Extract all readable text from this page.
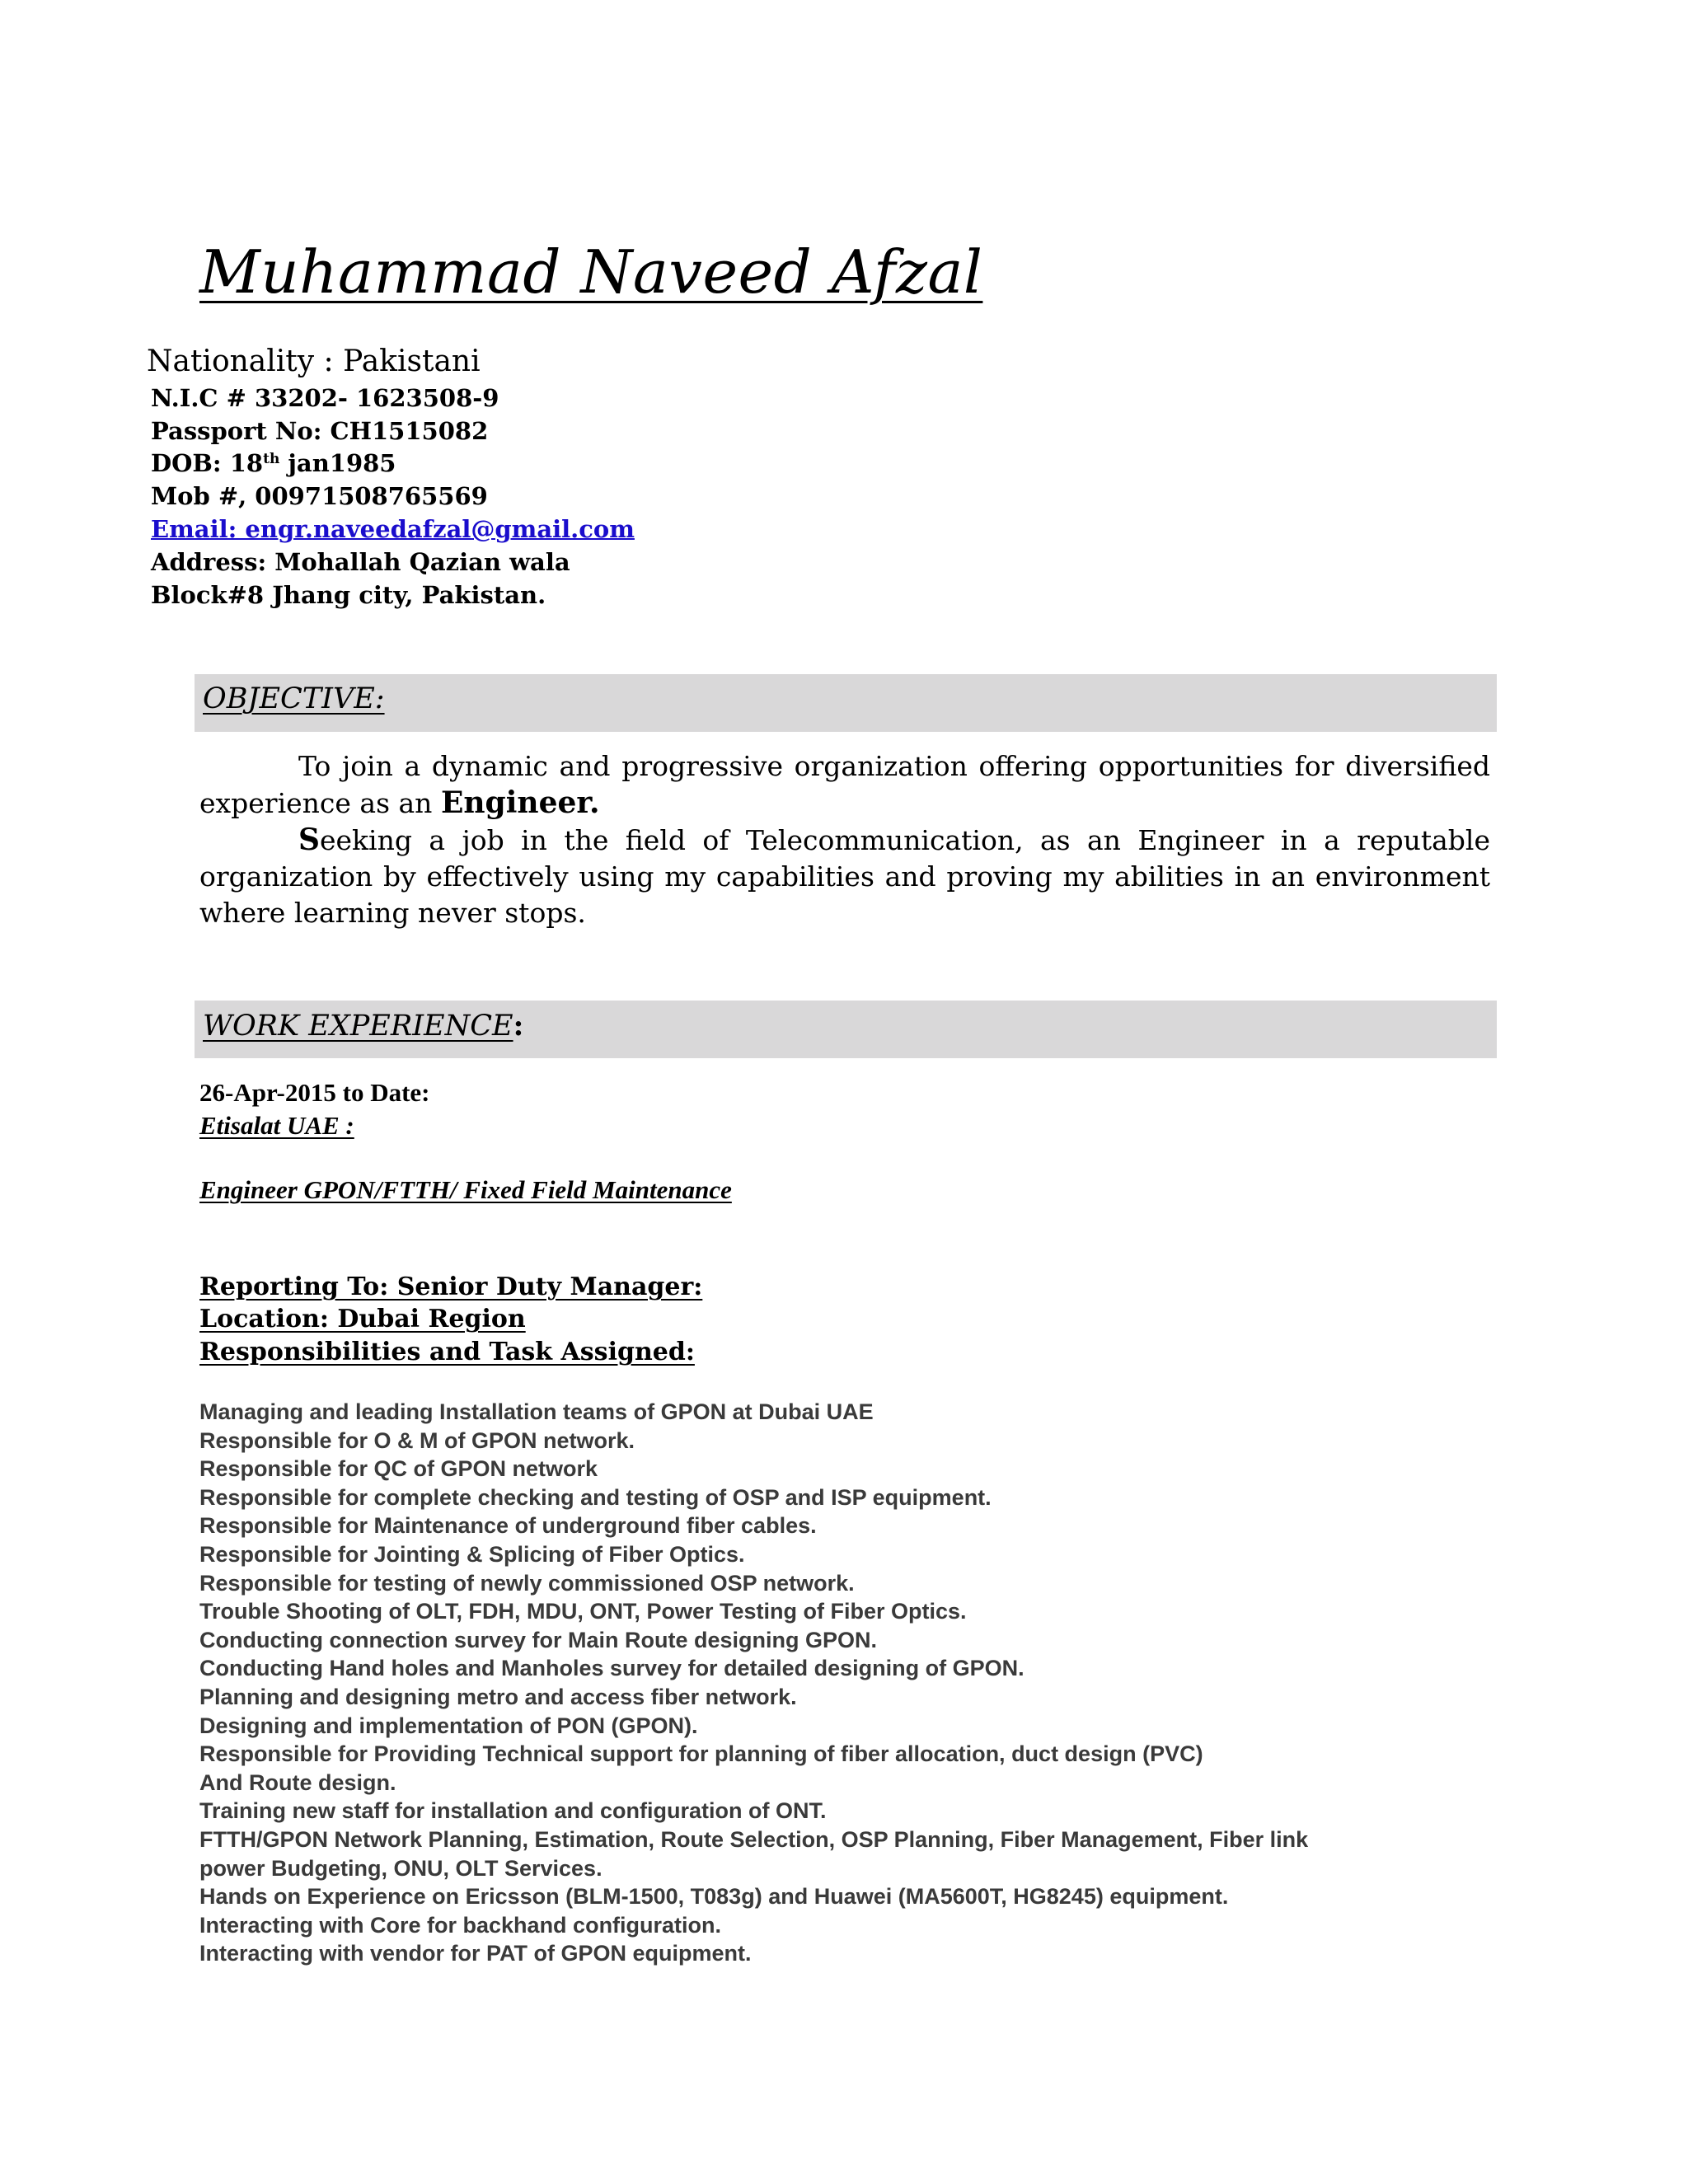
Muhammad Naveed Afzal
Nationality : Pakistani
N.I.C # 33202- 1623508-9
Passport No: CH1515082
DOB: 18th jan1985
Mob #, 00971508765569
Email: engr.naveedafzal@gmail.com
Address: Mohallah Qazian wala
Block#8 Jhang city, Pakistan.
OBJECTIVE:

To join a dynamic and progressive organization offering opportunities for diversified experience as an Engineer.

Seeking a job in the field of Telecommunication, as an Engineer in a reputable organization by effectively using my capabilities and proving my abilities in an environment where learning never stops.

WORK EXPERIENCE:
26-Apr-2015 to Date:
Etisalat UAE :
Engineer GPON/FTTH/ Fixed Field Maintenance
Reporting To: Senior Duty Manager:
Location: Dubai Region
Responsibilities and Task Assigned:
Managing and leading Installation teams of GPON at Dubai UAE
Responsible for O & M of GPON network.
Responsible for QC of GPON network
Responsible for complete checking and testing of OSP and ISP equipment.
Responsible for Maintenance of underground fiber cables.
Responsible for Jointing & Splicing of Fiber Optics.
Responsible for testing of newly commissioned OSP network.
Trouble Shooting of OLT, FDH, MDU, ONT, Power Testing of Fiber Optics.
Conducting connection survey for Main Route designing GPON.
Conducting Hand holes and Manholes survey for detailed designing of GPON.
Planning and designing metro and access fiber network.
Designing and implementation of PON (GPON).
Responsible for Providing Technical support for planning of fiber allocation, duct design (PVC)
And Route design.
Training new staff for installation and configuration of ONT.
FTTH/GPON Network Planning, Estimation, Route Selection, OSP Planning, Fiber Management, Fiber link
power Budgeting, ONU, OLT Services.
Hands on Experience on Ericsson (BLM-1500, T083g) and Huawei (MA5600T, HG8245) equipment.
Interacting with Core for backhand configuration.
Interacting with vendor for PAT of GPON equipment.
